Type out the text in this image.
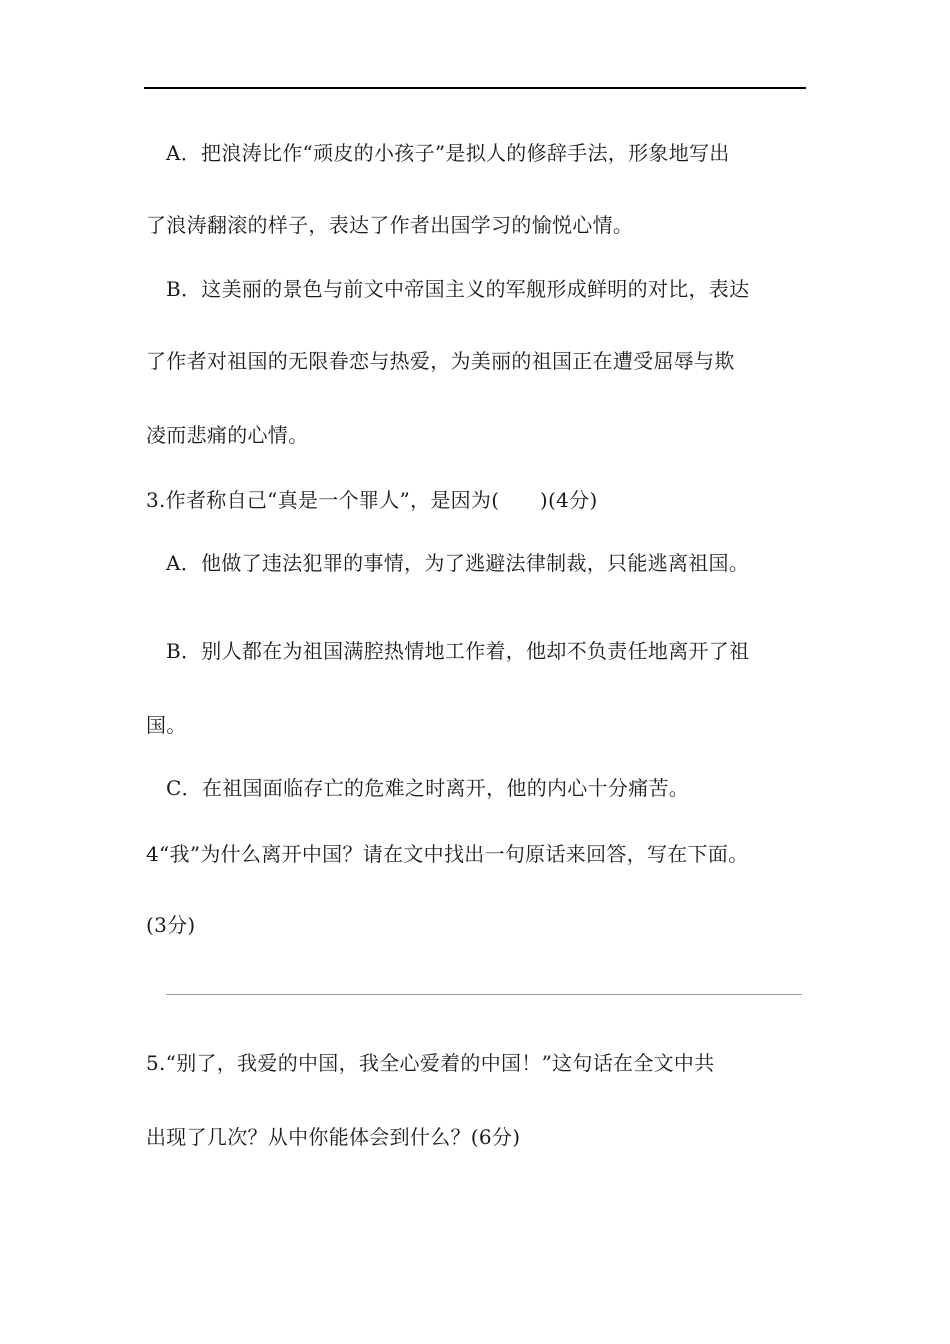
A．把浪涛比作“顽皮的小孩子”是拟人的修辞手法，形象地写出
了浪涛翻滚的样子，表达了作者出国学习的愉悦心情。
B．这美丽的景色与前文中帝国主义的军舰形成鲜明的对比，表达
了作者对祖国的无限眷恋与热爱，为美丽的祖国正在遭受屈辱与欺
凌而悲痛的心情。
3.作者称自己“真是一个罪人”，是因为(　　)(4分)
A．他做了违法犯罪的事情，为了逃避法律制裁，只能逃离祖国。
B．别人都在为祖国满腔热情地工作着，他却不负责任地离开了祖
国。
C．在祖国面临存亡的危难之时离开，他的内心十分痛苦。
4“我”为什么离开中国？请在文中找出一句原话来回答，写在下面。
(3分)
5.“别了，我爱的中国，我全心爱着的中国！”这句话在全文中共
出现了几次？从中你能体会到什么？(6分)
